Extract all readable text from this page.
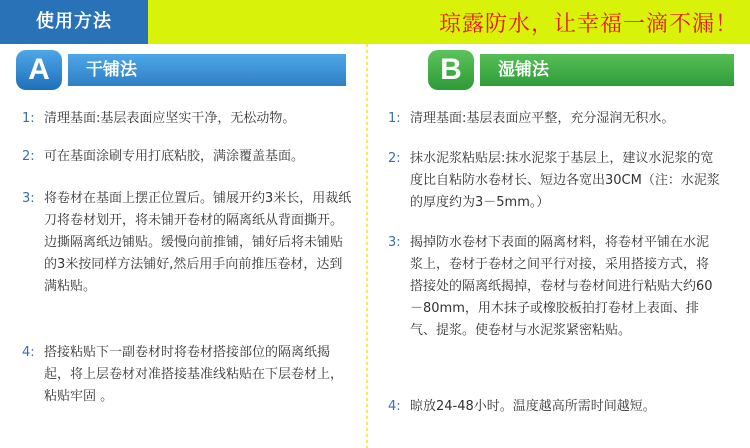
使用方法	琼露防水，让幸福一滴不漏！
A	干铺法	B	湿铺法
1: 清理基面:基层表面应坚实干净，无松动物。
2: 可在基面涂刷专用打底粘胶，满涂覆盖基面。
3: 将卷材在基面上摆正位置后。铺展开约3米长，用裁纸刀将卷材划开，将未铺开卷材的隔离纸从背面撕开。边撕隔离纸边铺贴。缓慢向前推铺，铺好后将未铺贴的3米按同样方法铺好,然后用手向前推压卷材，达到满粘贴。
4: 搭接粘贴下一副卷材时将卷材搭接部位的隔离纸揭起，将上层卷材对准搭接基准线粘贴在下层卷材上，粘贴牢固 。
1: 清理基面:基层表面应平整，充分湿润无积水。
2: 抹水泥浆粘贴层:抹水泥浆于基层上，建议水泥浆的宽度比自粘防水卷材长、短边各宽出30CM（注：水泥浆的厚度约为3－5mm。）
3: 揭掉防水卷材下表面的隔离材料，将卷材平铺在水泥浆上，卷材于卷材之间平行对接，采用搭接方式，将搭接处的隔离纸揭掉，卷材与卷材间进行粘贴大约60－80mm，用木抹子或橡胶板拍打卷材上表面、排气、提浆。使卷材与水泥浆紧密粘贴。
4: 晾放24-48小时。温度越高所需时间越短。
